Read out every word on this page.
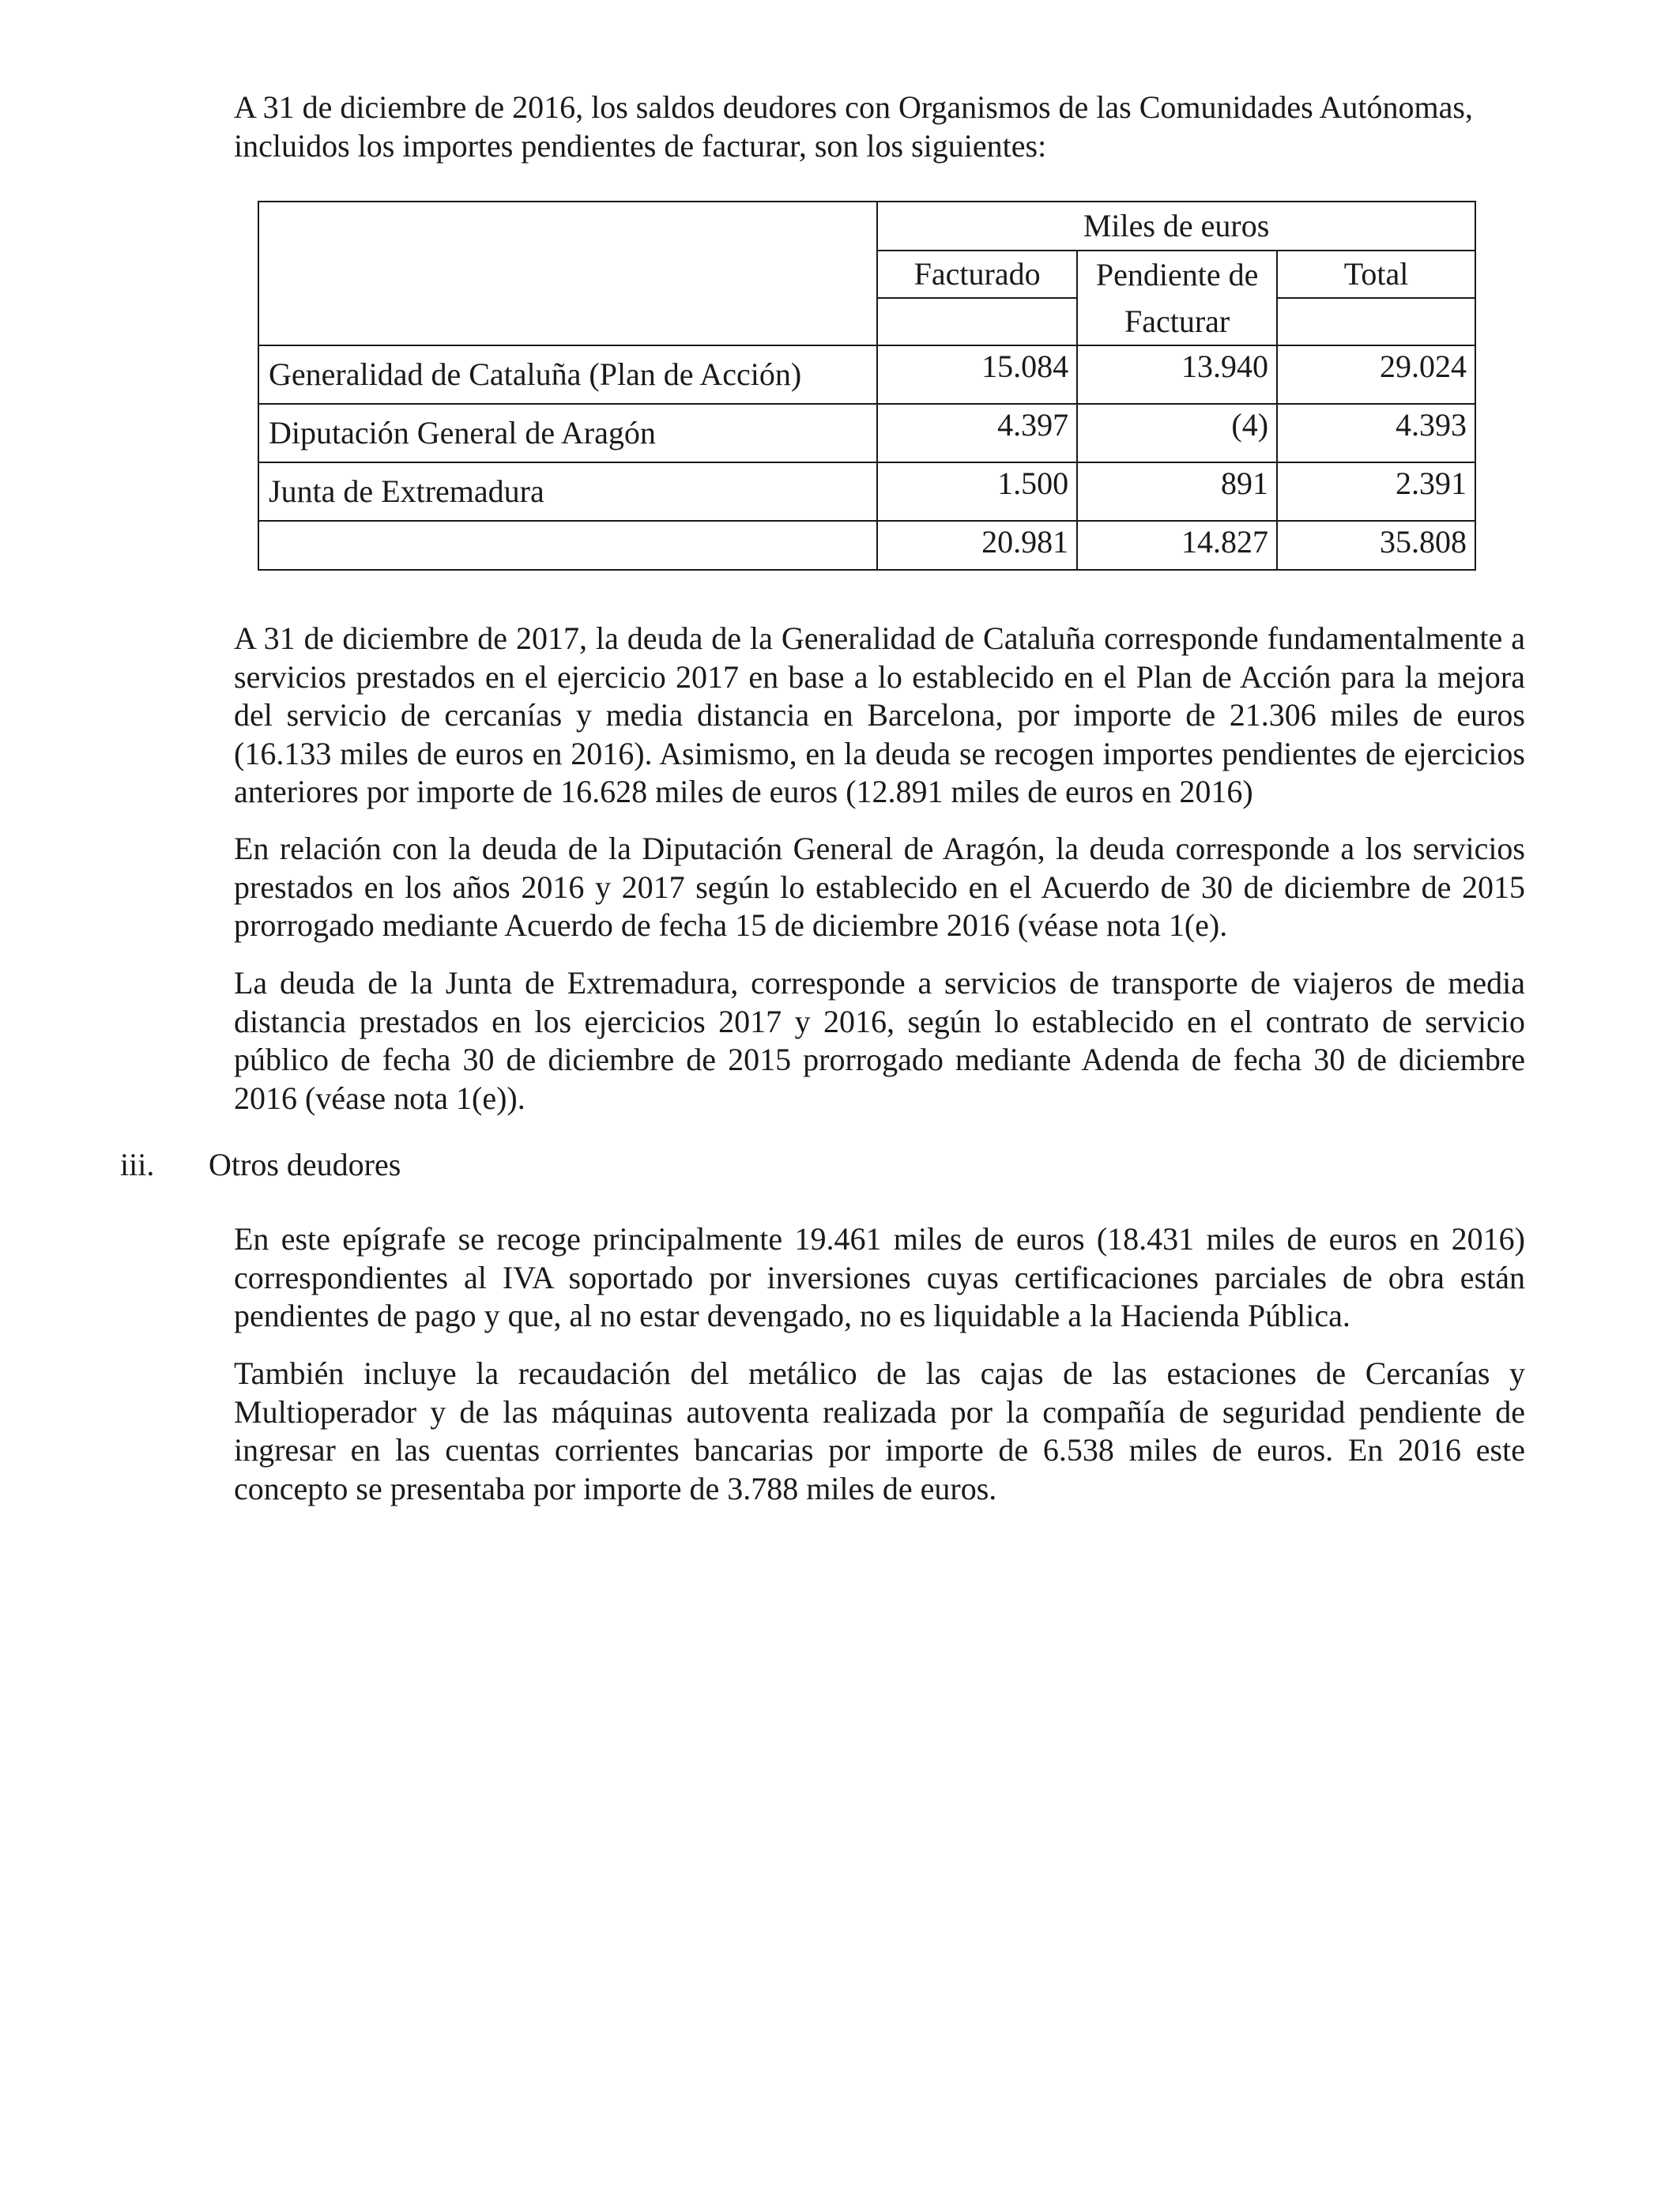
A 31 de diciembre de 2016, los saldos deudores con Organismos de las Comunidades Autónomas, incluidos los importes pendientes de facturar, son los siguientes:

	Miles de euros		
	Facturado	Pendiente de	Total
		Facturar	
Generalidad de Cataluña (Plan de Acción)	15.084	13.940	29.024

Diputación General de Aragón	4.397	(4)	4.393

Junta de Extremadura	1.500	891	2.391

	20.981	14.827	35.808

A 31 de diciembre de 2017, la deuda de la Generalidad de Cataluña corresponde fundamentalmente a servicios prestados en el ejercicio 2017 en base a lo establecido en el Plan de Acción para la mejora del servicio de cercanías y media distancia en Barcelona, por importe de 21.306 miles de euros (16.133 miles de euros en 2016). Asimismo, en la deuda se recogen importes pendientes de ejercicios anteriores por importe de 16.628 miles de euros (12.891 miles de euros en 2016)

En relación con la deuda de la Diputación General de Aragón, la deuda corresponde a los servicios prestados en los años 2016 y 2017 según lo establecido en el Acuerdo de 30 de diciembre de 2015 prorrogado mediante Acuerdo de fecha 15 de diciembre 2016 (véase nota 1(e).

La deuda de la Junta de Extremadura, corresponde a servicios de transporte de viajeros de media distancia prestados en los ejercicios 2017 y 2016, según lo establecido en el contrato de servicio público de fecha 30 de diciembre de 2015 prorrogado mediante Adenda de fecha 30 de diciembre 2016 (véase nota 1(e)).

iii. Otros deudores

En este epígrafe se recoge principalmente 19.461 miles de euros (18.431 miles de euros en 2016) correspondientes al IVA soportado por inversiones cuyas certificaciones parciales de obra están pendientes de pago y que, al no estar devengado, no es liquidable a la Hacienda Pública.

También incluye la recaudación del metálico de las cajas de las estaciones de Cercanías y Multioperador y de las máquinas autoventa realizada por la compañía de seguridad pendiente de ingresar en las cuentas corrientes bancarias por importe de 6.538 miles de euros. En 2016 este concepto se presentaba por importe de 3.788 miles de euros.
